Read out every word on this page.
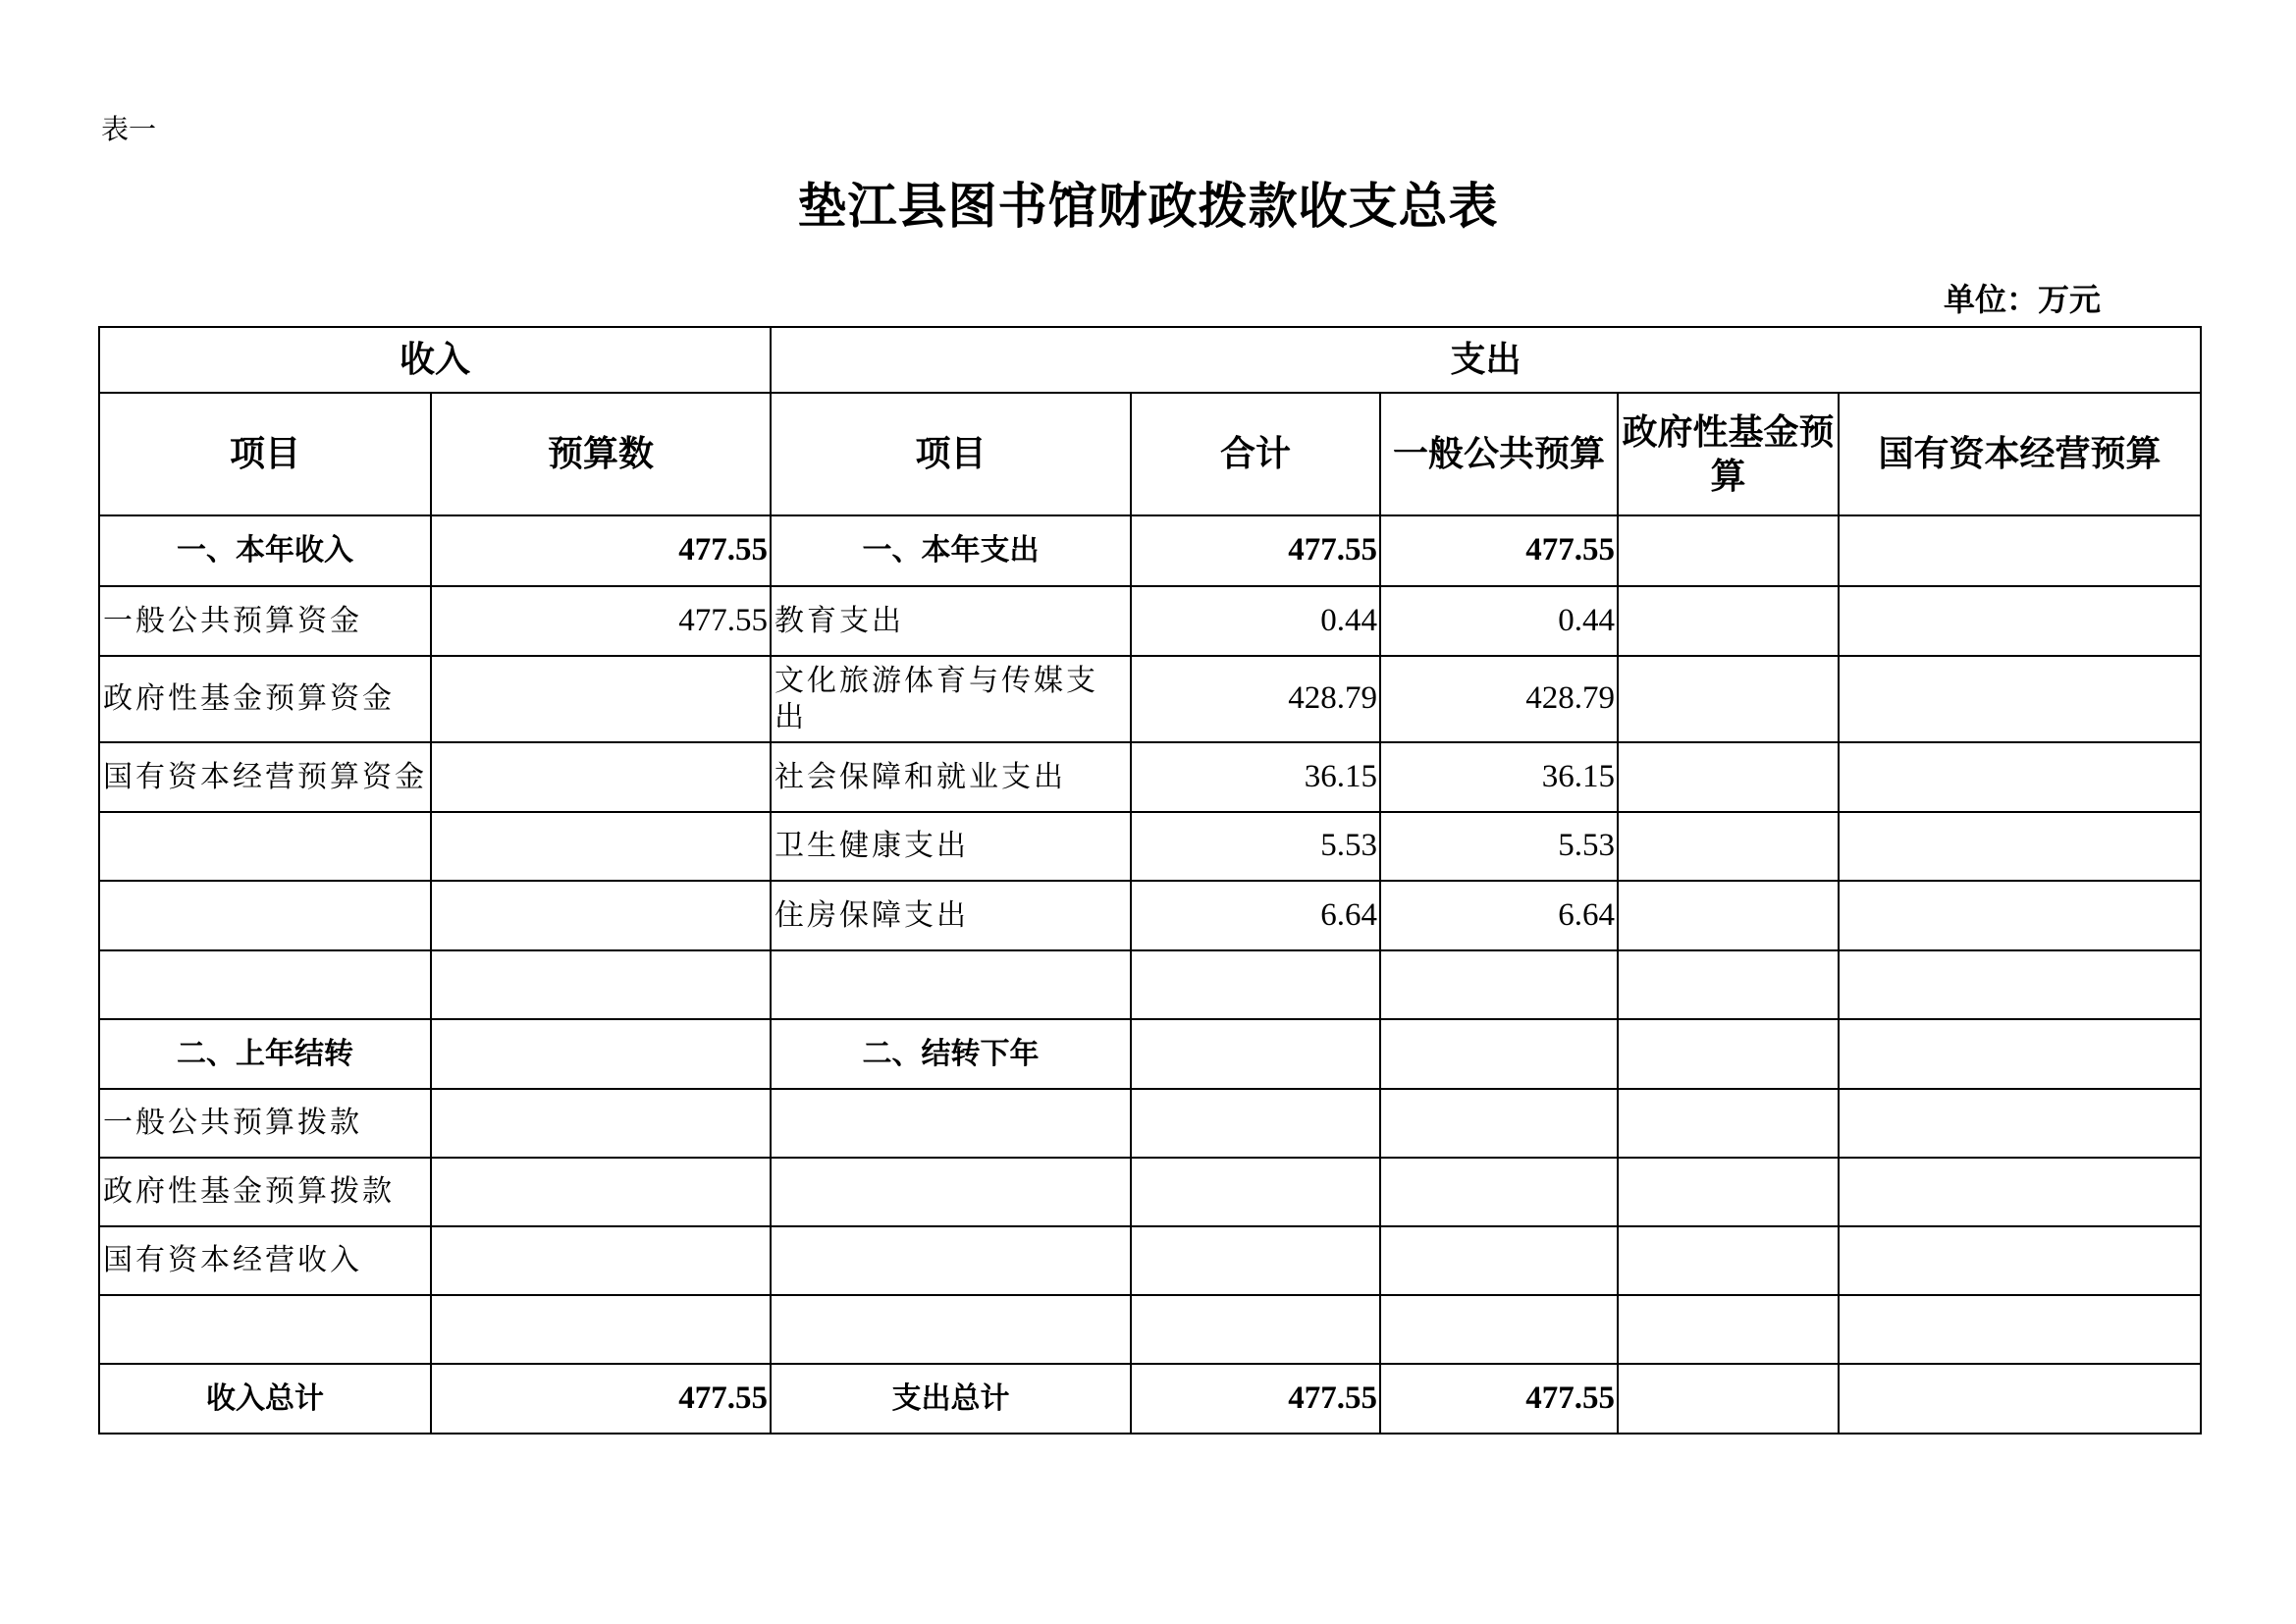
表一
垫江县图书馆财政拨款收支总表
单位：万元
收入		支出				
项目	预算数	项目	合计	一般公共预算	政府性基金预算	国有资本经营预算
一、本年收入	477.55	一、本年支出	477.55	477.55		
一般公共预算资金	477.55	教育支出	0.44	0.44		
政府性基金预算资金		文化旅游体育与传媒支出	428.79	428.79		
国有资本经营预算资金		社会保障和就业支出	36.15	36.15		
		卫生健康支出	5.53	5.53		
		住房保障支出	6.64	6.64		

二、上年结转		二、结转下年				
一般公共预算拨款						
政府性基金预算拨款						
国有资本经营收入						

收入总计	477.55	支出总计	477.55	477.55		
